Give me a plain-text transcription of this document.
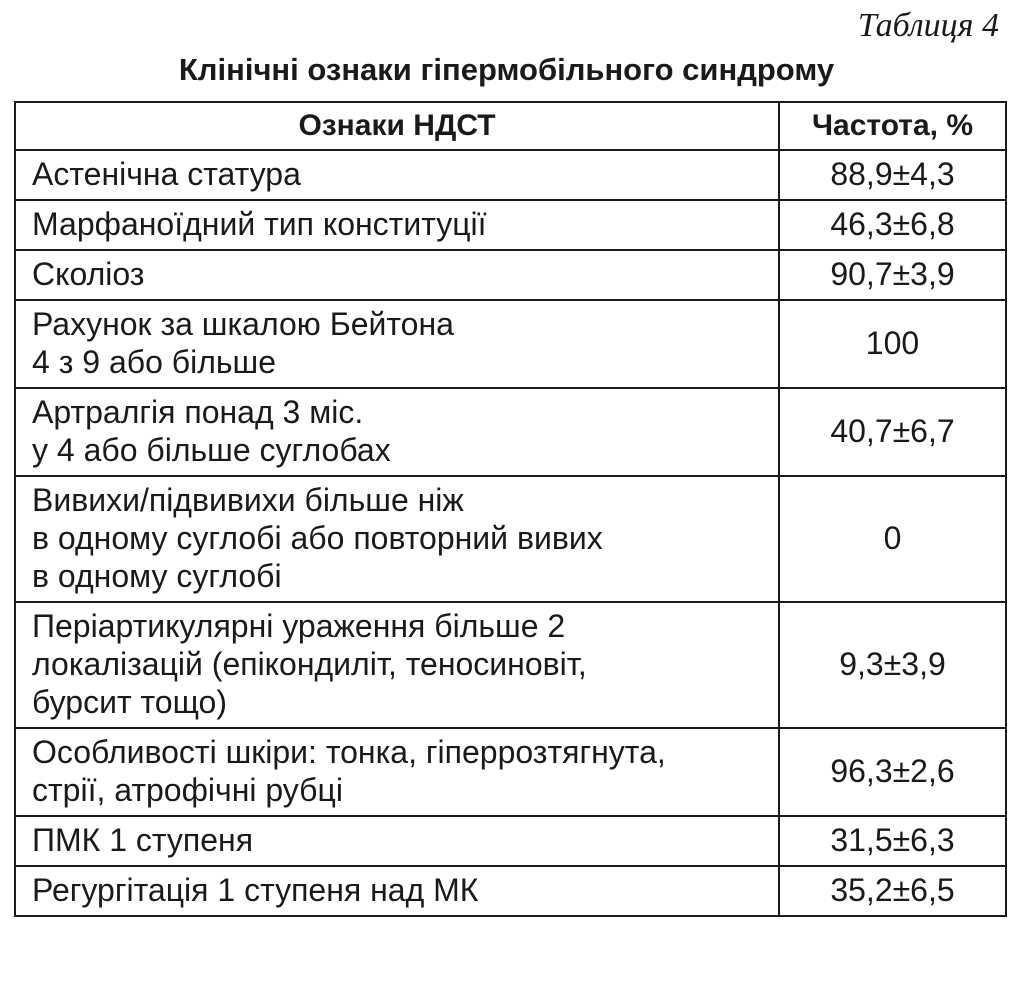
Таблиця 4
Клінічні ознаки гіпермобільного синдрому
Ознаки НДСТ	Частота, %

Астенічна статура	88,9±4,3

Марфаноїдний тип конституції	46,3±6,8

Сколіоз	90,7±3,9

Рахунок за шкалою Бейтона
4 з 9 або більше	100

Артралгія понад 3 міс.
у 4 або більше суглобах	40,7±6,7

Вивихи/підвивихи більше ніж
в одному суглобі або повторний вивих
в одному суглобі	0

Періартикулярні ураження більше 2
локалізацій (епікондиліт, теносиновіт,
бурсит тощо)	9,3±3,9

Особливості шкіри: тонка, гіперрозтягнута,
стрії, атрофічні рубці	96,3±2,6

ПМК 1 ступеня	31,5±6,3

Регургітація 1 ступеня над МК	35,2±6,5
